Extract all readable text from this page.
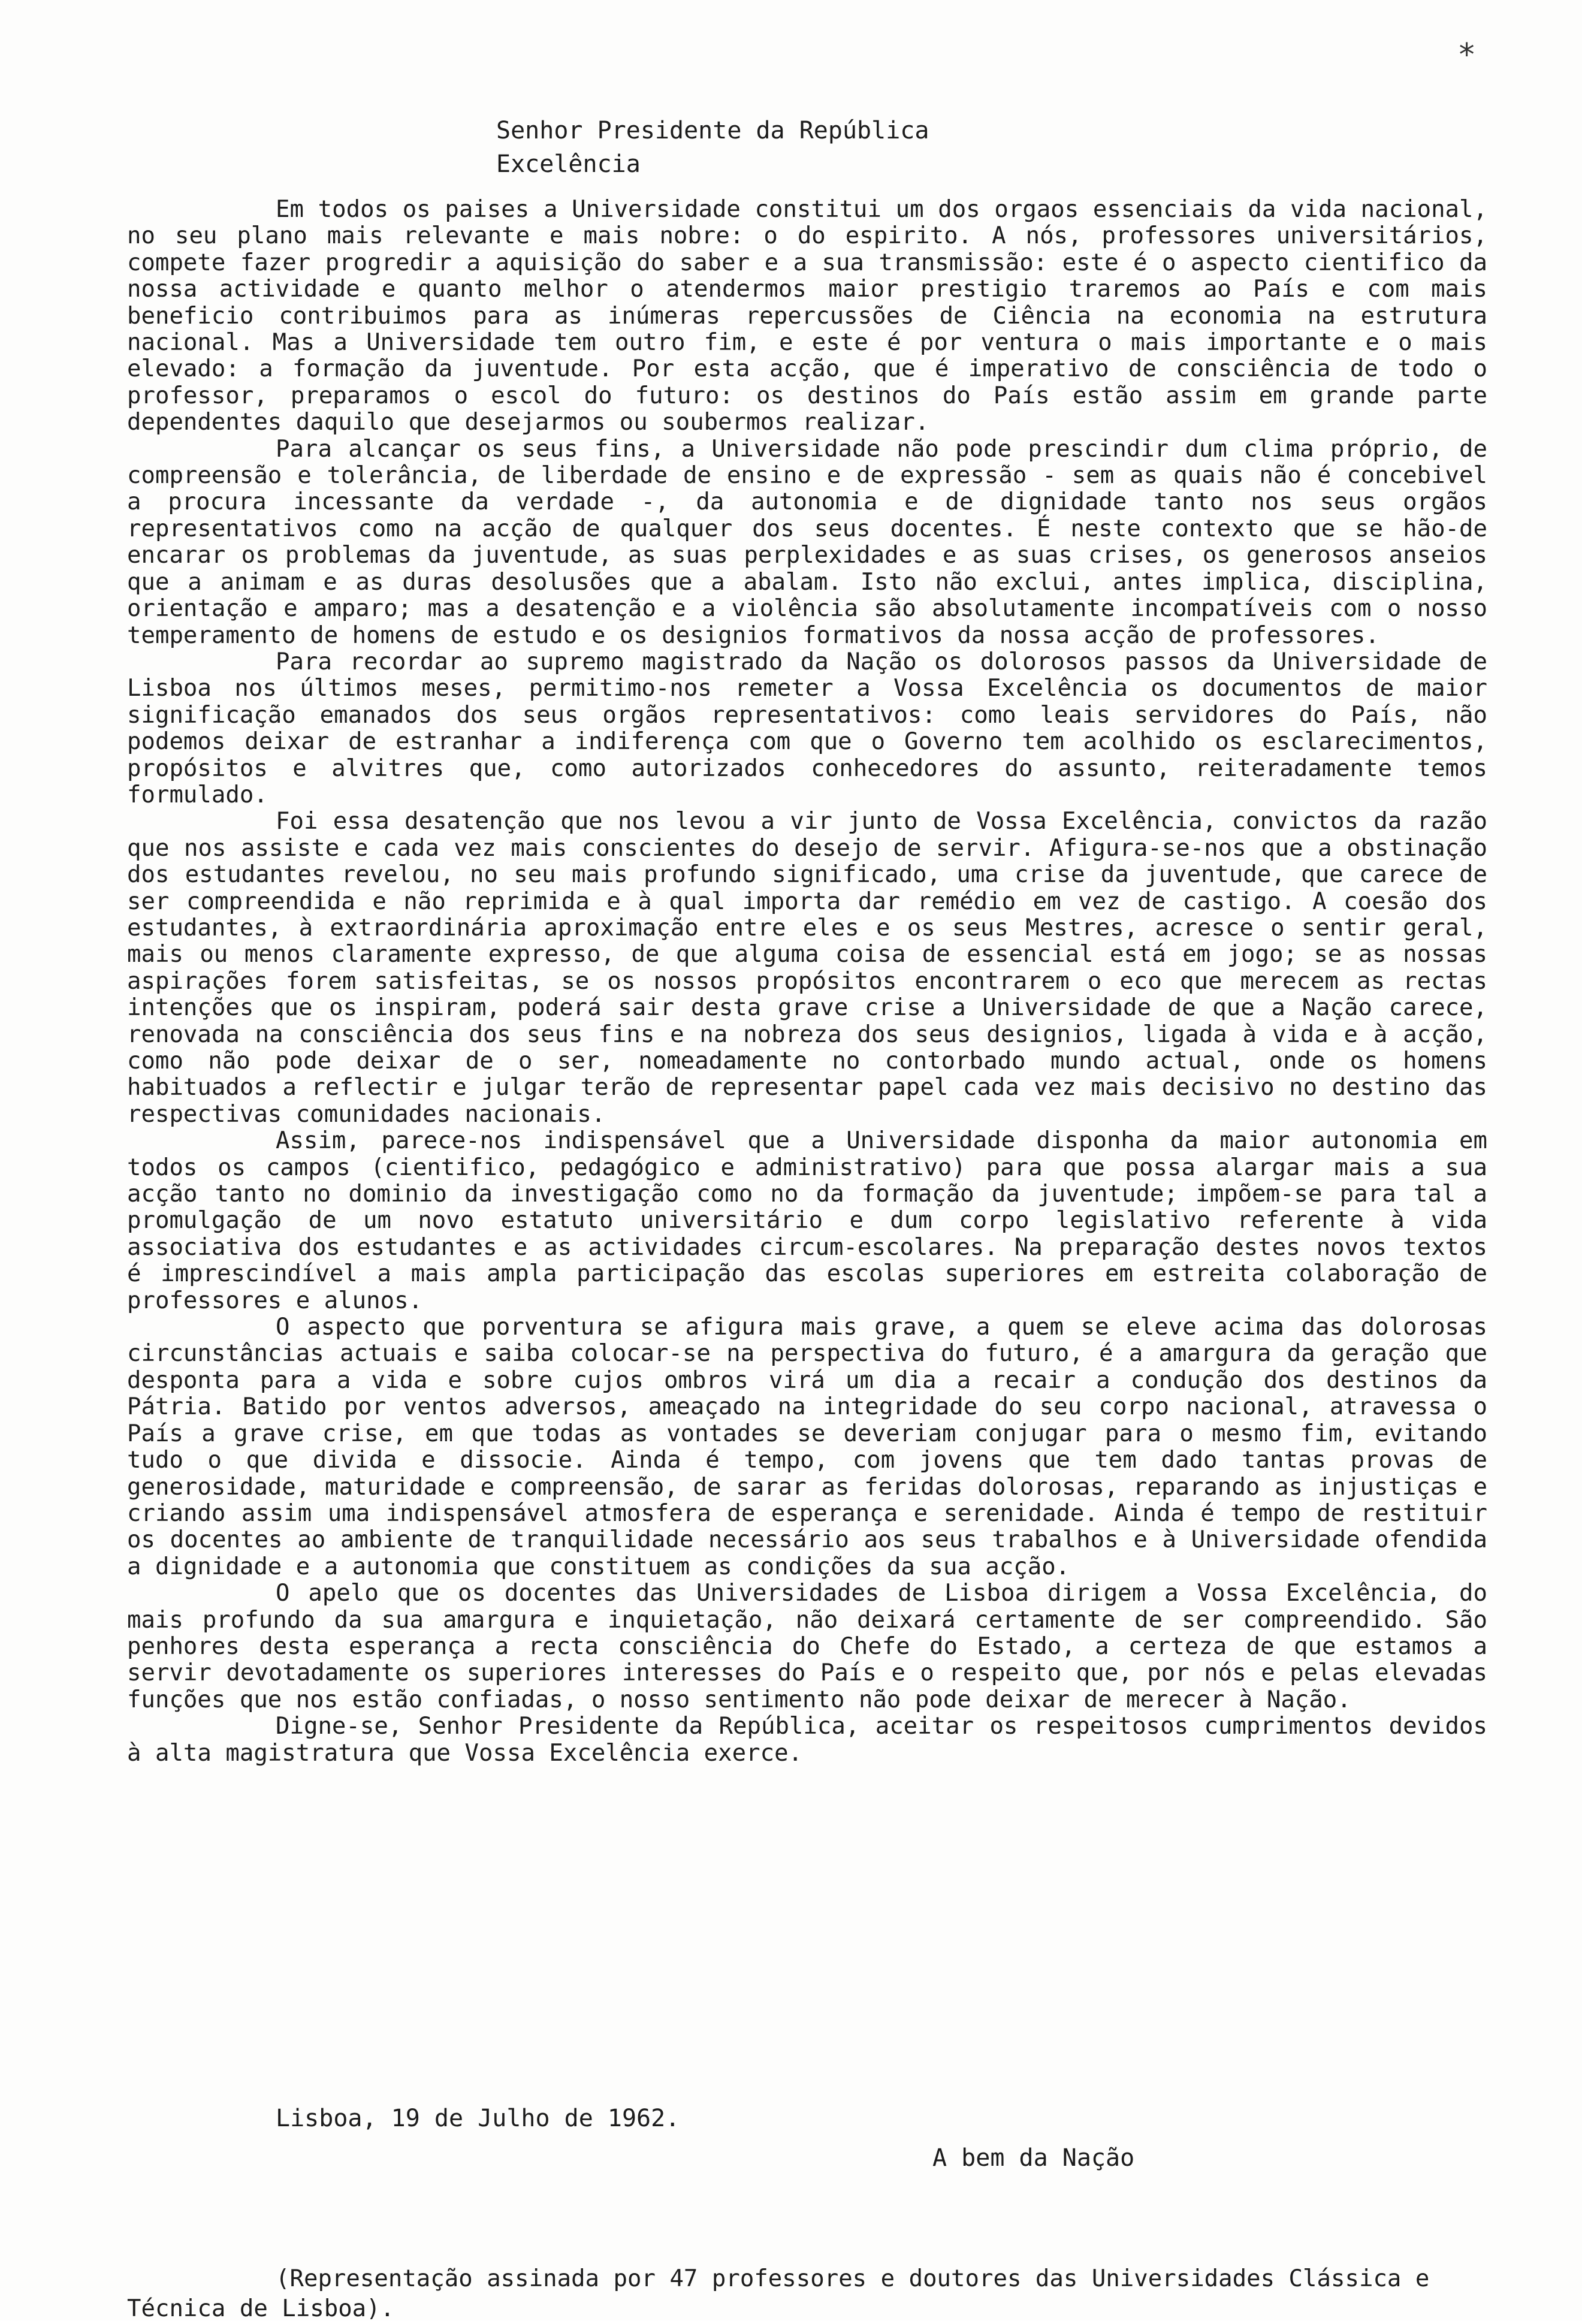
*
Senhor Presidente da República
Excelência

Em todos os paises a Universidade constitui um dos orgaos essenciais da vida nacional, no seu plano mais relevante e mais nobre: o do espirito. A nós, professores universitários, compete fazer progredir a aquisição do saber e a sua transmissão: este é o aspecto cientifico da nossa actividade e quanto melhor o atendermos maior prestigio traremos ao País e com mais beneficio contribuimos para as inúmeras repercussões de Ciência na economia na estrutura nacional. Mas a Universidade tem outro fim, e este é por ventura o mais importante e o mais elevado: a formação da juventude. Por esta acção, que é imperativo de consciência de todo o professor, preparamos o escol do futuro: os destinos do País estão assim em grande parte dependentes daquilo que desejarmos ou soubermos realizar.

Para alcançar os seus fins, a Universidade não pode prescindir dum clima próprio, de compreensão e tolerância, de liberdade de ensino e de expressão - sem as quais não é concebivel a procura incessante da verdade -, da autonomia e de dignidade tanto nos seus orgãos representativos como na acção de qualquer dos seus docentes. É neste contexto que se hão-de encarar os problemas da juventude, as suas perplexidades e as suas crises, os generosos anseios que a animam e as duras desolusões que a abalam. Isto não exclui, antes implica, disciplina, orientação e amparo; mas a desatenção e a violência são absolutamente incompatíveis com o nosso temperamento de homens de estudo e os designios formativos da nossa acção de professores.

Para recordar ao supremo magistrado da Nação os dolorosos passos da Universidade de Lisboa nos últimos meses, permitimo-nos remeter a Vossa Excelência os documentos de maior significação emanados dos seus orgãos representativos: como leais servidores do País, não podemos deixar de estranhar a indiferença com que o Governo tem acolhido os esclarecimentos, propósitos e alvitres que, como autorizados conhecedores do assunto, reiteradamente temos formulado.

Foi essa desatenção que nos levou a vir junto de Vossa Excelência, convictos da razão que nos assiste e cada vez mais conscientes do desejo de servir. Afigura-se-nos que a obstinação dos estudantes revelou, no seu mais profundo significado, uma crise da juventude, que carece de ser compreendida e não reprimida e à qual importa dar remédio em vez de castigo. A coesão dos estudantes, à extraordinária aproximação entre eles e os seus Mestres, acresce o sentir geral, mais ou menos claramente expresso, de que alguma coisa de essencial está em jogo; se as nossas aspirações forem satisfeitas, se os nossos propósitos encontrarem o eco que merecem as rectas intenções que os inspiram, poderá sair desta grave crise a Universidade de que a Nação carece, renovada na consciência dos seus fins e na nobreza dos seus designios, ligada à vida e à acção, como não pode deixar de o ser, nomeadamente no contorbado mundo actual, onde os homens habituados a reflectir e julgar terão de representar papel cada vez mais decisivo no destino das respectivas comunidades nacionais.

Assim, parece-nos indispensável que a Universidade disponha da maior autonomia em todos os campos (cientifico, pedagógico e administrativo) para que possa alargar mais a sua acção tanto no dominio da investigação como no da formação da juventude; impõem-se para tal a promulgação de um novo estatuto universitário e dum corpo legislativo referente à vida associativa dos estudantes e as actividades circum-escolares. Na preparação destes novos textos é imprescindível a mais ampla participação das escolas superiores em estreita colaboração de professores e alunos.

O aspecto que porventura se afigura mais grave, a quem se eleve acima das dolorosas circunstâncias actuais e saiba colocar-se na perspectiva do futuro, é a amargura da geração que desponta para a vida e sobre cujos ombros virá um dia a recair a condução dos destinos da Pátria. Batido por ventos adversos, ameaçado na integridade do seu corpo nacional, atravessa o País a grave crise, em que todas as vontades se deveriam conjugar para o mesmo fim, evitando tudo o que divida e dissocie. Ainda é tempo, com jovens que tem dado tantas provas de generosidade, maturidade e compreensão, de sarar as feridas dolorosas, reparando as injustiças e criando assim uma indispensável atmosfera de esperança e serenidade. Ainda é tempo de restituir os docentes ao ambiente de tranquilidade necessário aos seus trabalhos e à Universidade ofendida a dignidade e a autonomia que constituem as condições da sua acção.

O apelo que os docentes das Universidades de Lisboa dirigem a Vossa Excelência, do mais profundo da sua amargura e inquietação, não deixará certamente de ser compreendido. São penhores desta esperança a recta consciência do Chefe do Estado, a certeza de que estamos a servir devotadamente os superiores interesses do País e o respeito que, por nós e pelas elevadas funções que nos estão confiadas, o nosso sentimento não pode deixar de merecer à Nação.

Digne-se, Senhor Presidente da República, aceitar os respeitosos cumprimentos devidos à alta magistratura que Vossa Excelência exerce.

Lisboa, 19 de Julho de 1962.
A bem da Nação
(Representação assinada por 47 professores e doutores das Universidades Clássica e Técnica de Lisboa).
